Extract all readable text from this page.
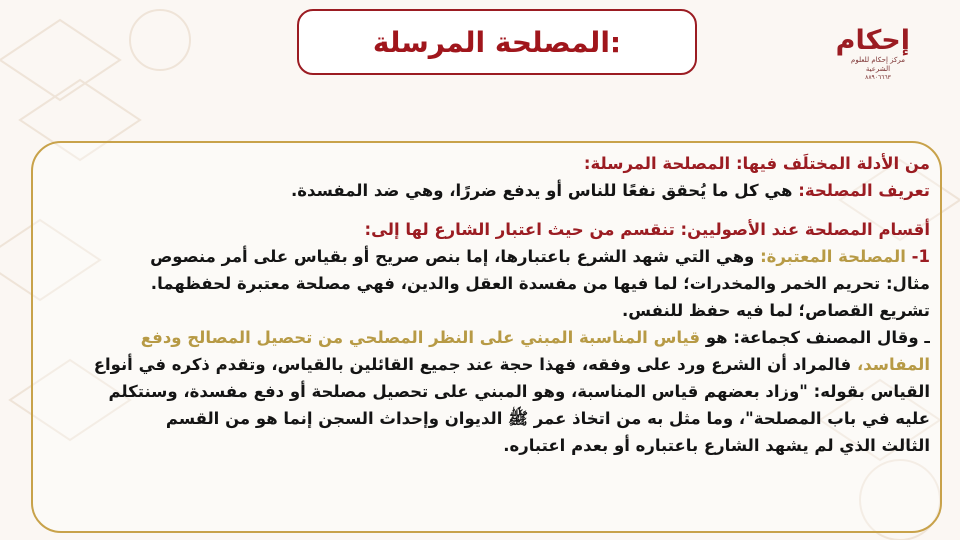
المصلحة المرسلة:	إحكام
مركز إحكام للعلوم الشرعية
٨٨٩٠٦٦٦٣
من الأدلة المختلَف فيها: المصلحة المرسلة:
تعريف المصلحة: هي كل ما يُحقق نفعًا للناس أو يدفع ضررًا، وهي ضد المفسدة.
أقسام المصلحة عند الأصوليين: تنقسم من حيث اعتبار الشارع لها إلى:
1- المصلحة المعتبرة: وهي التي شهد الشرع باعتبارها، إما بنص صريح أو بقياس على أمر منصوص
مثال: تحريم الخمر والمخدرات؛ لما فيها من مفسدة العقل والدين، فهي مصلحة معتبرة لحفظهما.
تشريع القصاص؛ لما فيه حفظ للنفس.
ـ وقال المصنف كجماعة: هو قياس المناسبة المبني على النظر المصلحي من تحصيل المصالح ودفع
المفاسد، فالمراد أن الشرع ورد على وفقه، فهذا حجة عند جميع القائلين بالقياس، وتقدم ذكره في أنواع
القياس بقوله: "وزاد بعضهم قياس المناسبة، وهو المبني على تحصيل مصلحة أو دفع مفسدة، وسنتكلم
عليه في باب المصلحة"، وما مثل به من اتخاذ عمر ﷺ الديوان وإحداث السجن إنما هو من القسم
الثالث الذي لم يشهد الشارع باعتباره أو بعدم اعتباره.
